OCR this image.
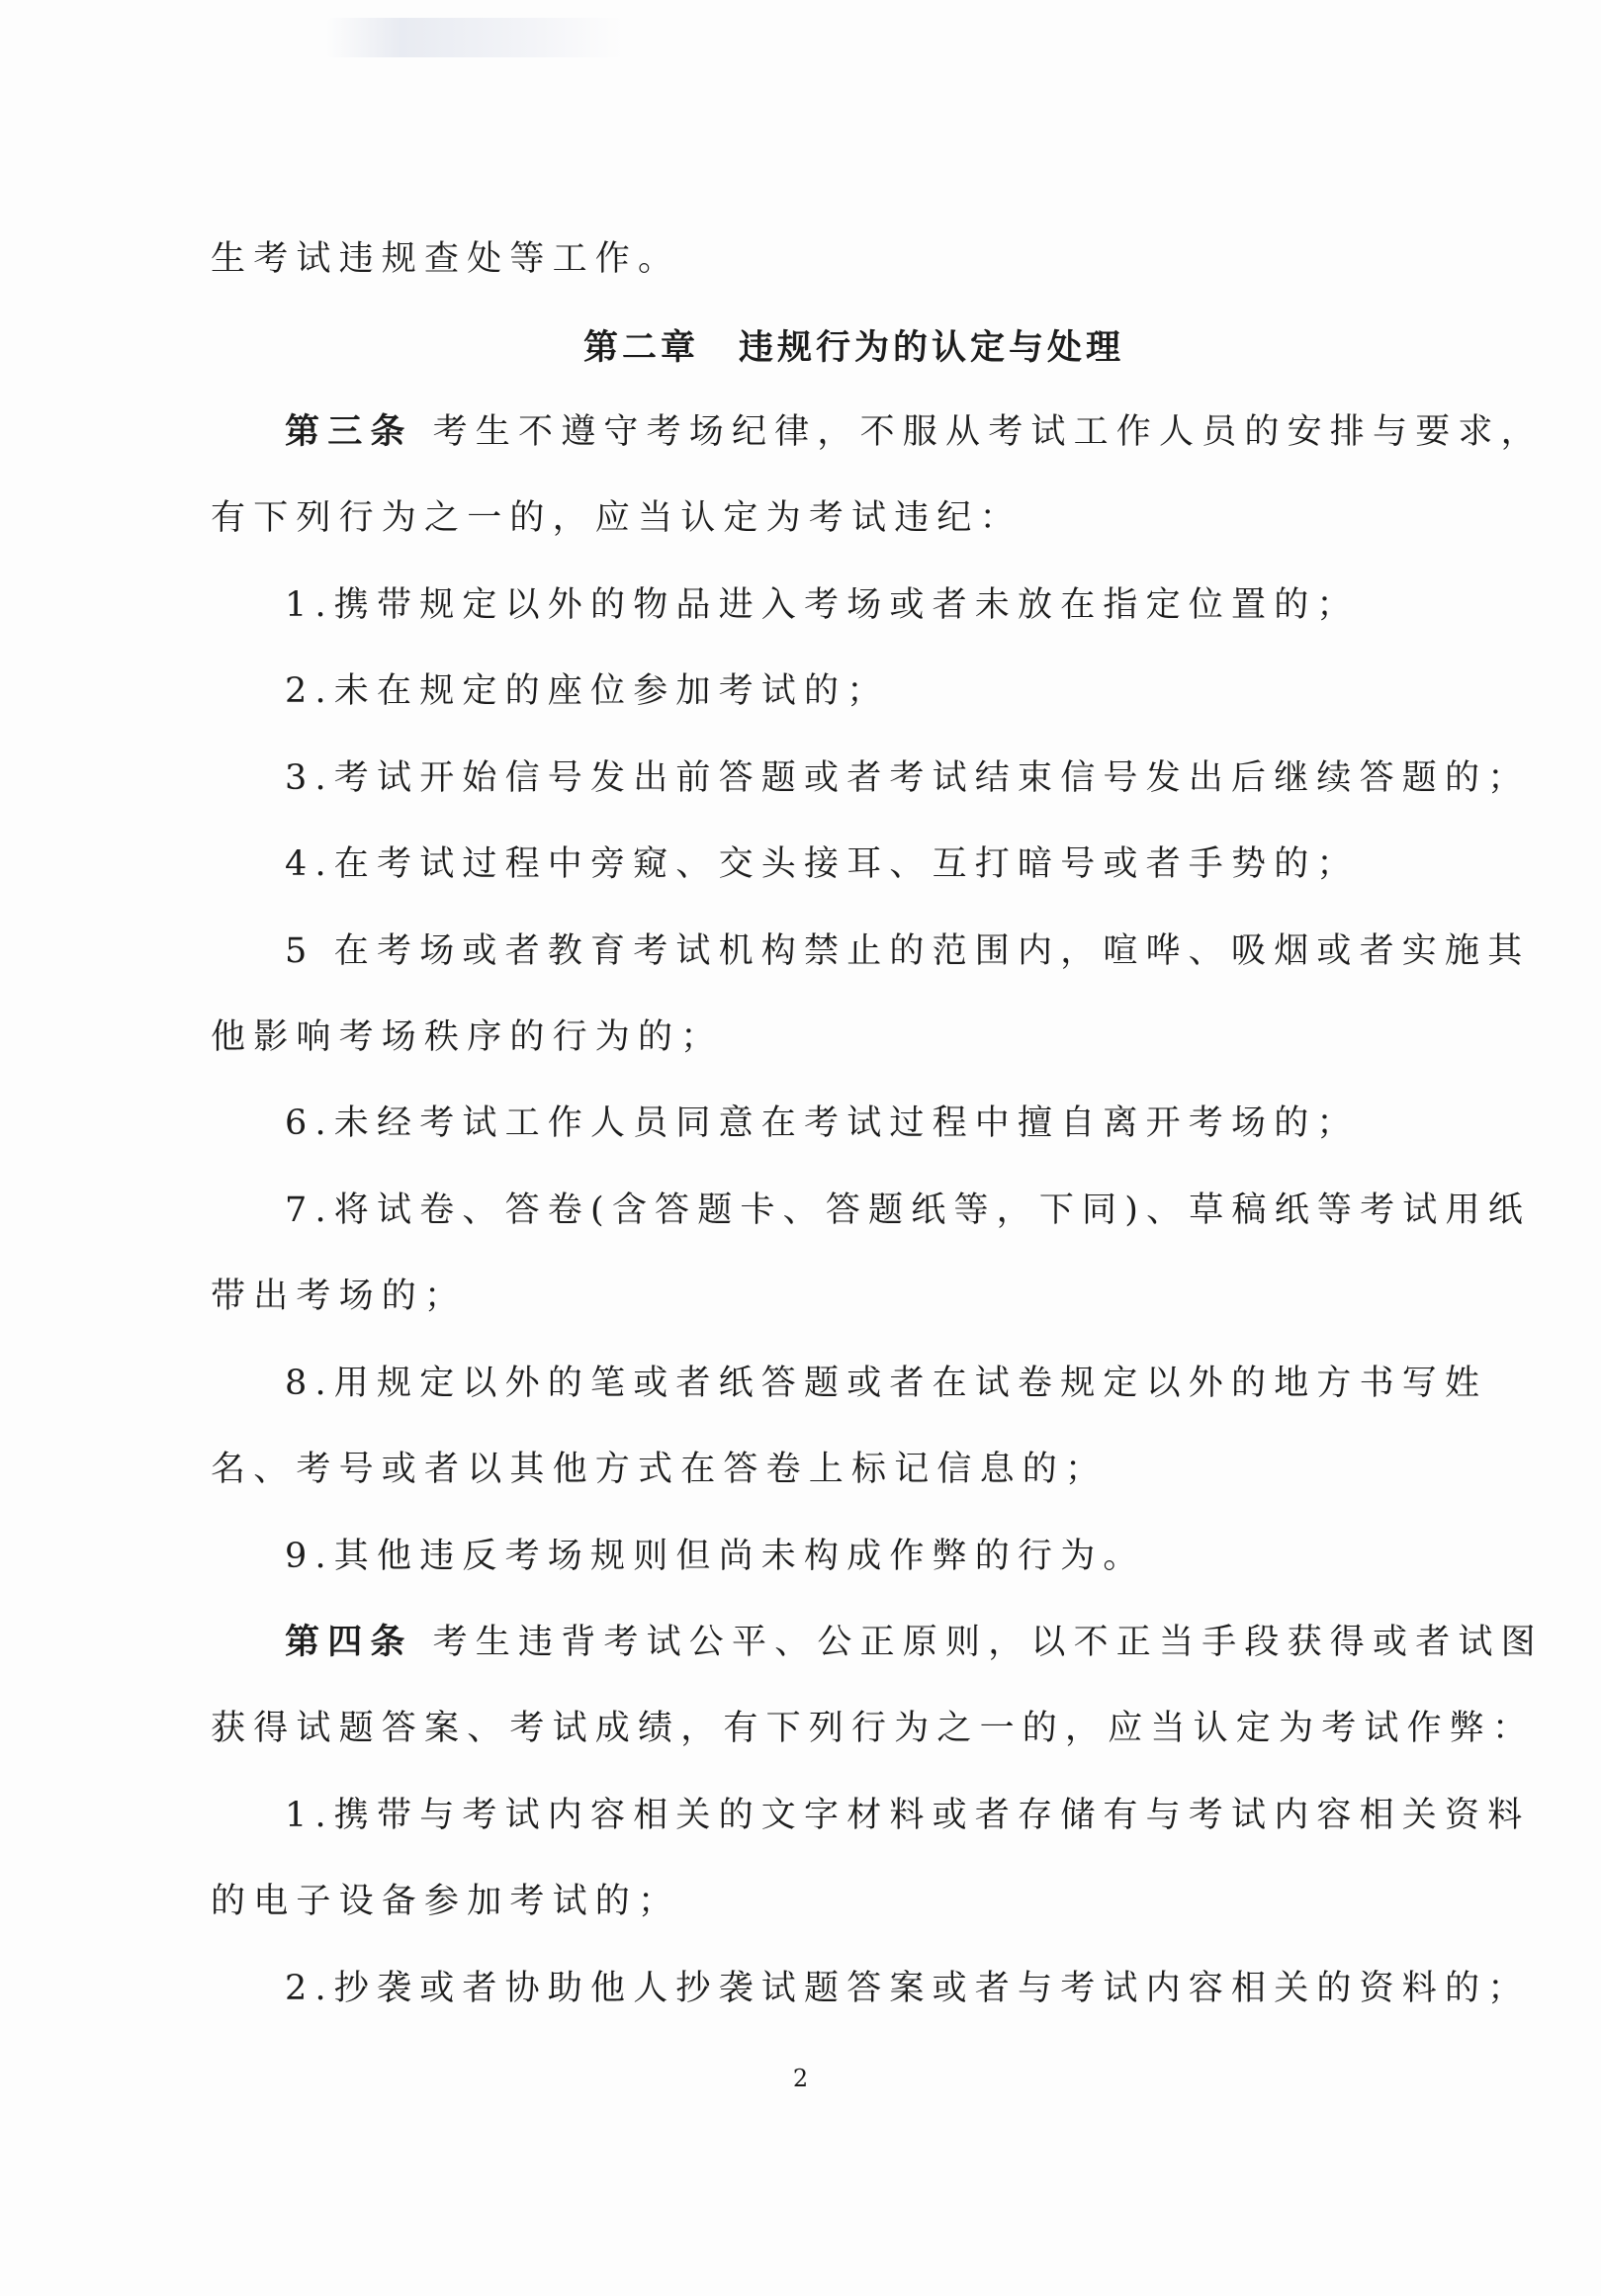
生考试违规查处等工作。
第二章 违规行为的认定与处理
第三条 考生不遵守考场纪律，不服从考试工作人员的安排与要求，
有下列行为之一的，应当认定为考试违纪：
1.携带规定以外的物品进入考场或者未放在指定位置的；
2.未在规定的座位参加考试的；
3.考试开始信号发出前答题或者考试结束信号发出后继续答题的；
4.在考试过程中旁窥、交头接耳、互打暗号或者手势的；
5 在考场或者教育考试机构禁止的范围内，喧哗、吸烟或者实施其
他影响考场秩序的行为的；
6.未经考试工作人员同意在考试过程中擅自离开考场的；
7.将试卷、答卷(含答题卡、答题纸等，下同)、草稿纸等考试用纸
带出考场的；
8.用规定以外的笔或者纸答题或者在试卷规定以外的地方书写姓
名、考号或者以其他方式在答卷上标记信息的；
9.其他违反考场规则但尚未构成作弊的行为。
第四条 考生违背考试公平、公正原则，以不正当手段获得或者试图
获得试题答案、考试成绩，有下列行为之一的，应当认定为考试作弊：
1.携带与考试内容相关的文字材料或者存储有与考试内容相关资料
的电子设备参加考试的；
2.抄袭或者协助他人抄袭试题答案或者与考试内容相关的资料的；
2
